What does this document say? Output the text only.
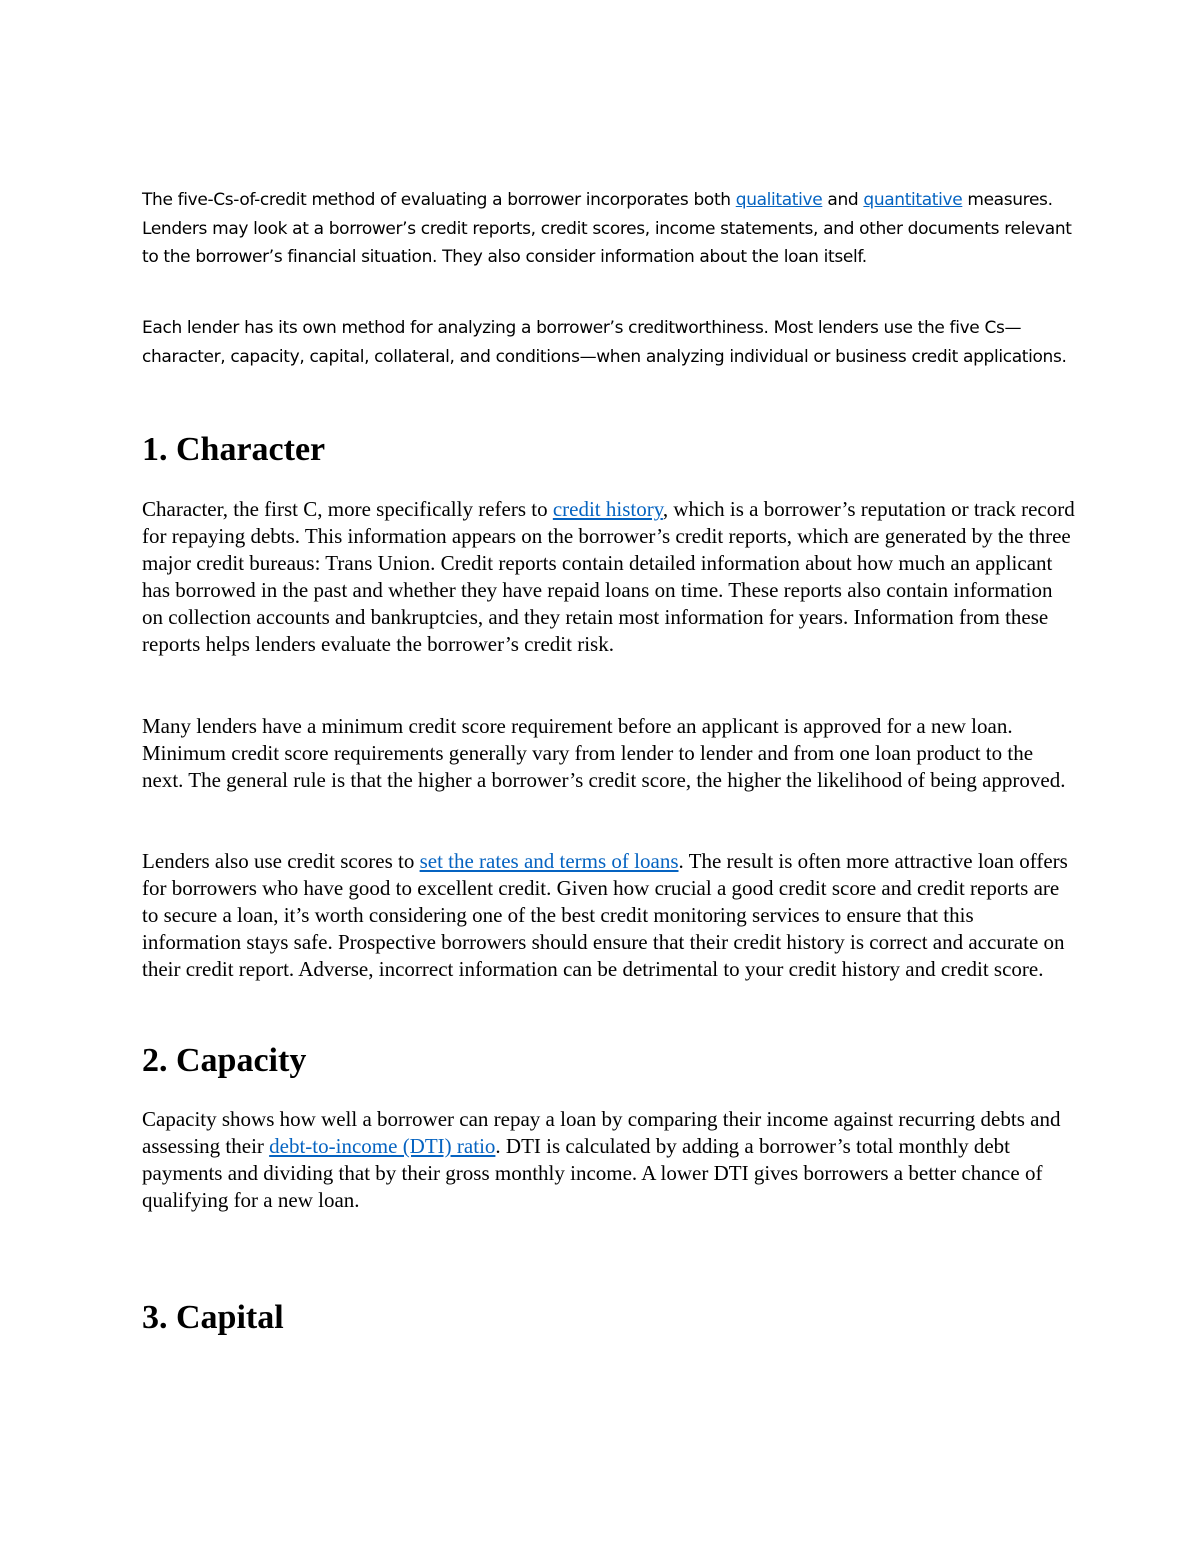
The five-Cs-of-credit method of evaluating a borrower incorporates both qualitative and quantitative measures. Lenders may look at a borrower’s credit reports, credit scores, income statements, and other documents relevant to the borrower’s financial situation. They also consider information about the loan itself.

Each lender has its own method for analyzing a borrower’s creditworthiness. Most lenders use the five Cs—character, capacity, capital, collateral, and conditions—when analyzing individual or business credit applications.

1. Character

Character, the first C, more specifically refers to credit history, which is a borrower’s reputation or track record for repaying debts. This information appears on the borrower’s credit reports, which are generated by the three major credit bureaus: Trans Union. Credit reports contain detailed information about how much an applicant has borrowed in the past and whether they have repaid loans on time. These reports also contain information on collection accounts and bankruptcies, and they retain most information for years. Information from these reports helps lenders evaluate the borrower’s credit risk.

Many lenders have a minimum credit score requirement before an applicant is approved for a new loan. Minimum credit score requirements generally vary from lender to lender and from one loan product to the next. The general rule is that the higher a borrower’s credit score, the higher the likelihood of being approved.

Lenders also use credit scores to set the rates and terms of loans. The result is often more attractive loan offers for borrowers who have good to excellent credit. Given how crucial a good credit score and credit reports are to secure a loan, it’s worth considering one of the best credit monitoring services to ensure that this information stays safe. Prospective borrowers should ensure that their credit history is correct and accurate on their credit report. Adverse, incorrect information can be detrimental to your credit history and credit score.

2. Capacity

Capacity shows how well a borrower can repay a loan by comparing their income against recurring debts and assessing their debt-to-income (DTI) ratio. DTI is calculated by adding a borrower’s total monthly debt payments and dividing that by their gross monthly income. A lower DTI gives borrowers a better chance of qualifying for a new loan.

3. Capital
